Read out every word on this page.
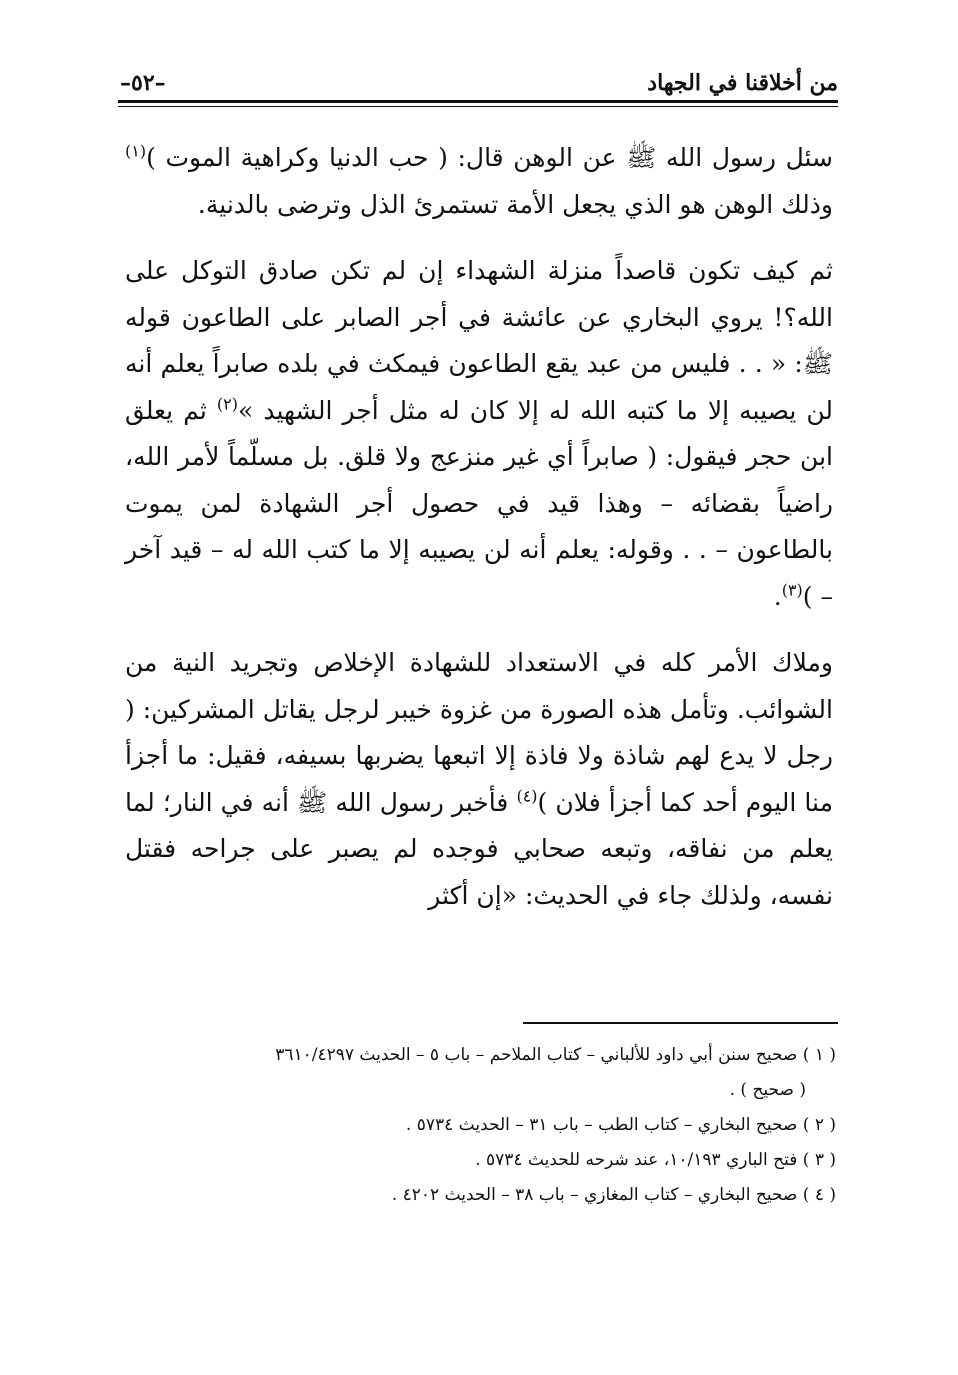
من أخلاقنا في الجهاد
–٥٢–

سئل رسول الله ﷺ عن الوهن قال: ( حب الدنيا وكراهية الموت )$^{(١)}$ وذلك الوهن هو الذي يجعل الأمة تستمرئ الذل وترضى بالدنية.

ثم كيف تكون قاصداً منزلة الشهداء إن لم تكن صادق التوكل على الله؟! يروي البخاري عن عائشة في أجر الصابر على الطاعون قوله ﷺ: « . . فليس من عبد يقع الطاعون فيمكث في بلده صابراً يعلم أنه لن يصيبه إلا ما كتبه الله له إلا كان له مثل أجر الشهيد »$^{(٢)}$ ثم يعلق ابن حجر فيقول: ( صابراً أي غير منزعج ولا قلق. بل مسلّماً لأمر الله، راضياً بقضائه – وهذا قيد في حصول أجر الشهادة لمن يموت بالطاعون – . . وقوله: يعلم أنه لن يصيبه إلا ما كتب الله له – قيد آخر – )$^{(٣)}$.

وملاك الأمر كله في الاستعداد للشهادة الإخلاص وتجريد النية من الشوائب. وتأمل هذه الصورة من غزوة خيبر لرجل يقاتل المشركين: ( رجل لا يدع لهم شاذة ولا فاذة إلا اتبعها يضربها بسيفه، فقيل: ما أجزأ منا اليوم أحد كما أجزأ فلان )$^{(٤)}$ فأخبر رسول الله ﷺ أنه في النار؛ لما يعلم من نفاقه، وتبعه صحابي فوجده لم يصبر على جراحه فقتل نفسه، ولذلك جاء في الحديث: «إن أكثر

( ١ ) صحيح سنن أبي داود للألباني – كتاب الملاحم – باب ٥ – الحديث ٣٦١٠/٤٢٩٧

( صحيح ) .

( ٢ ) صحيح البخاري – كتاب الطب – باب ٣١ – الحديث ٥٧٣٤ .

( ٣ ) فتح الباري ١٠/١٩٣، عند شرحه للحديث ٥٧٣٤ .

( ٤ ) صحيح البخاري – كتاب المغازي – باب ٣٨ – الحديث ٤٢٠٢ .
